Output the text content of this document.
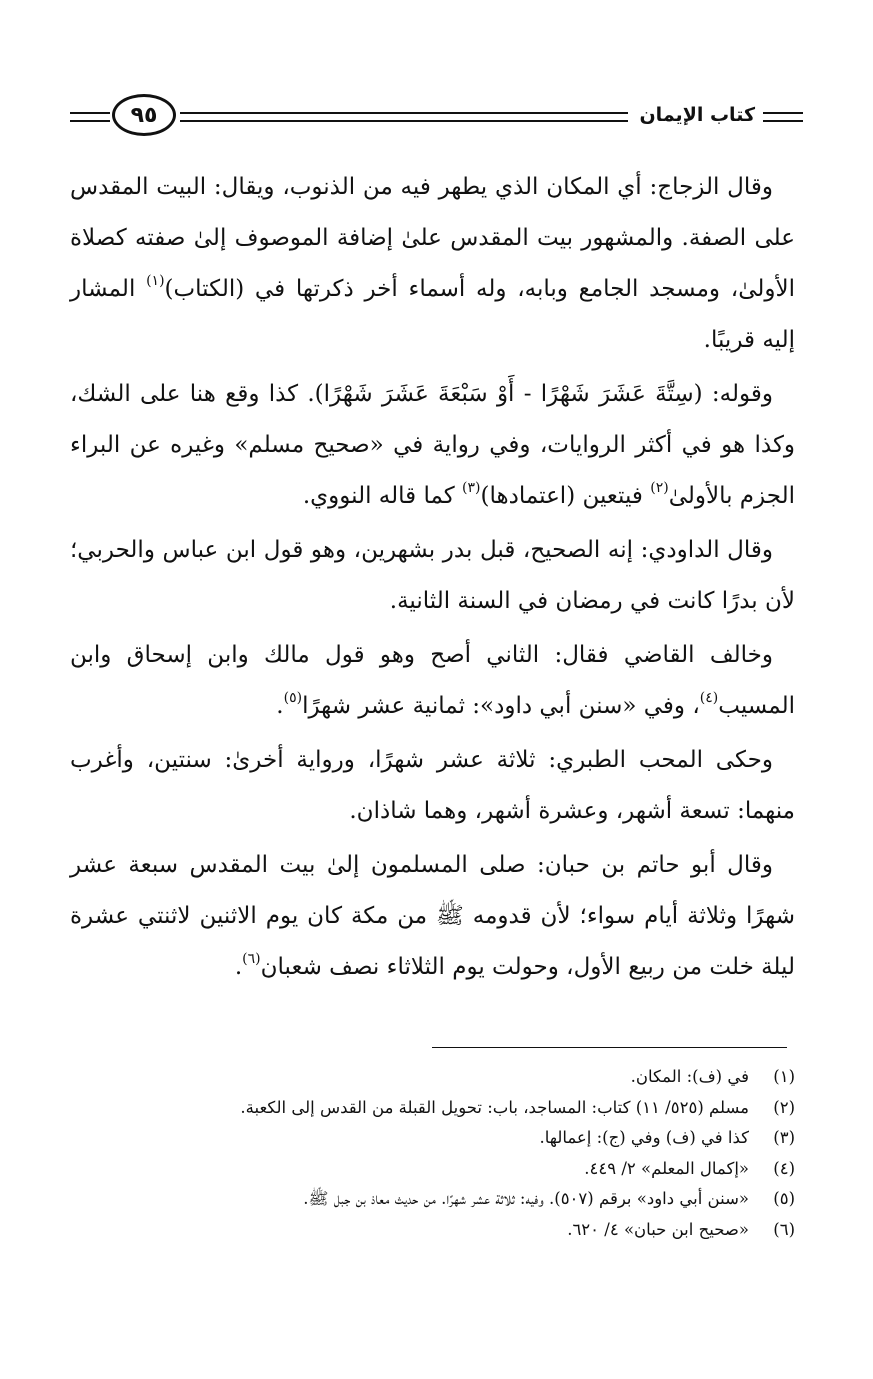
٩٥	كتاب الإيمان

وقال الزجاج: أي المكان الذي يطهر فيه من الذنوب، ويقال: البيت المقدس على الصفة. والمشهور بيت المقدس علىٰ إضافة الموصوف إلىٰ صفته كصلاة الأولىٰ، ومسجد الجامع وبابه، وله أسماء أخر ذكرتها في (الكتاب)$^{(١)}$ المشار إليه قريبًا.

وقوله: (سِتَّةَ عَشَرَ شَهْرًا - أَوْ سَبْعَةَ عَشَرَ شَهْرًا). كذا وقع هنا على الشك، وكذا هو في أكثر الروايات، وفي رواية في «صحيح مسلم» وغيره عن البراء الجزم بالأولىٰ$^{(٢)}$ فيتعين (اعتمادها)$^{(٣)}$ كما قاله النووي.

وقال الداودي: إنه الصحيح، قبل بدر بشهرين، وهو قول ابن عباس والحربي؛ لأن بدرًا كانت في رمضان في السنة الثانية.

وخالف القاضي فقال: الثاني أصح وهو قول مالك وابن إسحاق وابن المسيب$^{(٤)}$، وفي «سنن أبي داود»: ثمانية عشر شهرًا$^{(٥)}$.

وحكى المحب الطبري: ثلاثة عشر شهرًا، ورواية أخرىٰ: سنتين، وأغرب منهما: تسعة أشهر، وعشرة أشهر، وهما شاذان.

وقال أبو حاتم بن حبان: صلى المسلمون إلىٰ بيت المقدس سبعة عشر شهرًا وثلاثة أيام سواء؛ لأن قدومه ﷺ من مكة كان يوم الاثنين لاثنتي عشرة ليلة خلت من ربيع الأول، وحولت يوم الثلاثاء نصف شعبان$^{(٦)}$.

(١)
في (ف): المكان.
(٢)
مسلم (٥٢٥/ ١١) كتاب: المساجد، باب: تحويل القبلة من القدس إلى الكعبة.
(٣)
كذا في (ف) وفي (ج): إعمالها.
(٤)
«إكمال المعلم» ٢/ ٤٤٩.
(٥)
«سنن أبي داود» برقم (٥٠٧). وفيه: ثلاثة عشر شهرًا. من حديث معاذ بن جبل ﷺ.
(٦)
«صحيح ابن حبان» ٤/ ٦٢٠.
